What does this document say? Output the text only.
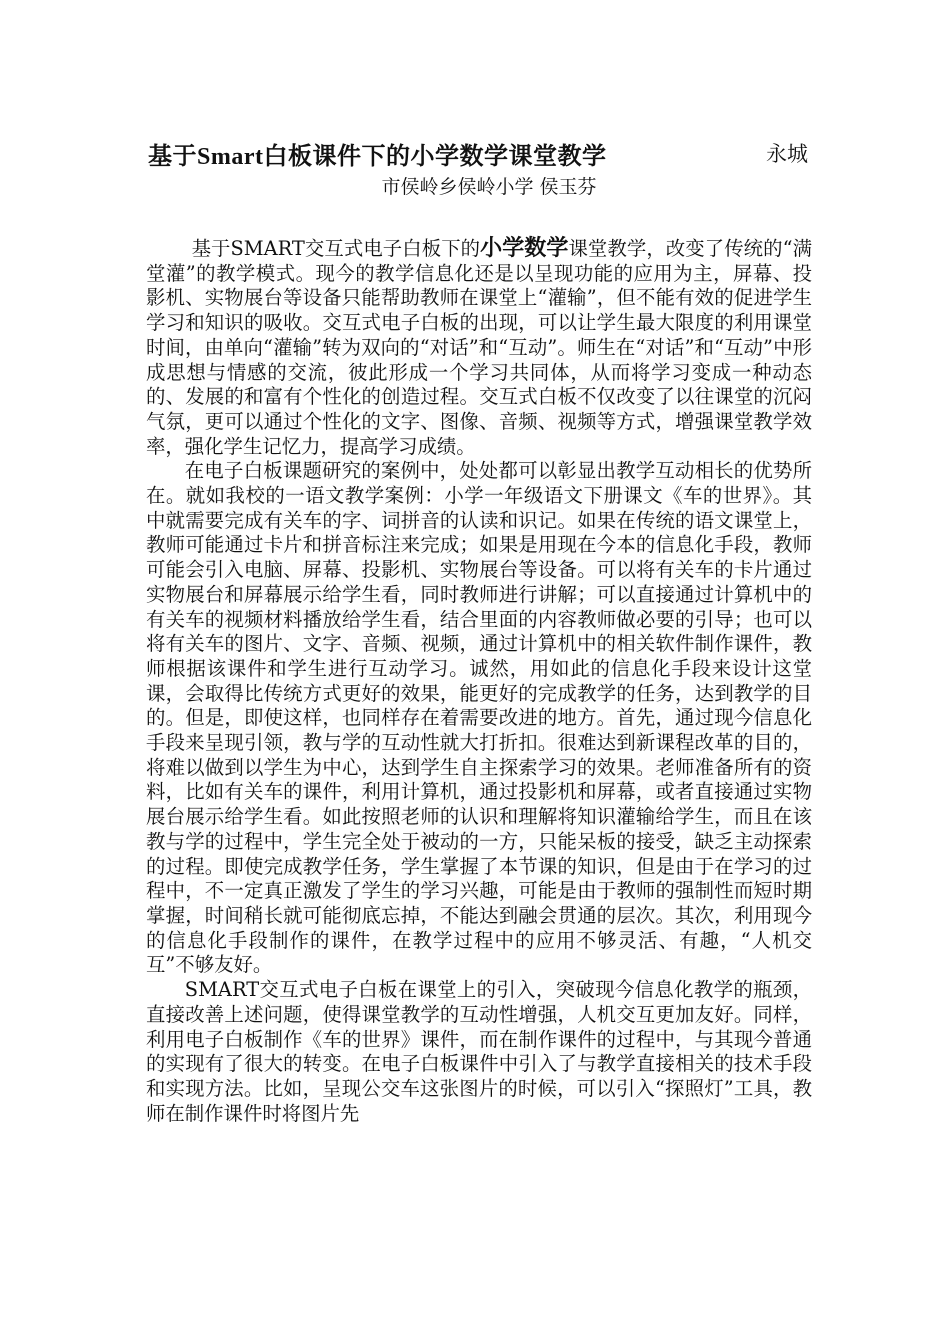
基于Smart白板课件下的小学数学课堂教学	永城
市侯岭乡侯岭小学 侯玉芬

基于SMART交互式电子白板下的小学数学课堂教学，改变了传统的“满堂灌”的教学模式。现今的教学信息化还是以呈现功能的应用为主，屏幕、投影机、实物展台等设备只能帮助教师在课堂上“灌输”，但不能有效的促进学生学习和知识的吸收。交互式电子白板的出现，可以让学生最大限度的利用课堂时间，由单向“灌输”转为双向的“对话”和“互动”。师生在“对话”和“互动”中形成思想与情感的交流，彼此形成一个学习共同体，从而将学习变成一种动态的、发展的和富有个性化的创造过程。交互式白板不仅改变了以往课堂的沉闷气氛，更可以通过个性化的文字、图像、音频、视频等方式，增强课堂教学效率，强化学生记忆力，提高学习成绩。

在电子白板课题研究的案例中，处处都可以彰显出教学互动相长的优势所在。就如我校的一语文教学案例：小学一年级语文下册课文《车的世界》。其中就需要完成有关车的字、词拼音的认读和识记。如果在传统的语文课堂上，教师可能通过卡片和拼音标注来完成；如果是用现在今本的信息化手段，教师可能会引入电脑、屏幕、投影机、实物展台等设备。可以将有关车的卡片通过实物展台和屏幕展示给学生看，同时教师进行讲解；可以直接通过计算机中的有关车的视频材料播放给学生看，结合里面的内容教师做必要的引导；也可以将有关车的图片、文字、音频、视频，通过计算机中的相关软件制作课件，教师根据该课件和学生进行互动学习。诚然，用如此的信息化手段来设计这堂课，会取得比传统方式更好的效果，能更好的完成教学的任务，达到教学的目的。但是，即使这样，也同样存在着需要改进的地方。首先，通过现今信息化手段来呈现引领，教与学的互动性就大打折扣。很难达到新课程改革的目的，将难以做到以学生为中心，达到学生自主探索学习的效果。老师准备所有的资料，比如有关车的课件，利用计算机，通过投影机和屏幕，或者直接通过实物展台展示给学生看。如此按照老师的认识和理解将知识灌输给学生，而且在该教与学的过程中，学生完全处于被动的一方，只能呆板的接受，缺乏主动探索的过程。即使完成教学任务，学生掌握了本节课的知识，但是由于在学习的过程中，不一定真正激发了学生的学习兴趣，可能是由于教师的强制性而短时期掌握，时间稍长就可能彻底忘掉，不能达到融会贯通的层次。其次，利用现今的信息化手段制作的课件，在教学过程中的应用不够灵活、有趣，“人机交互”不够友好。

SMART交互式电子白板在课堂上的引入，突破现今信息化教学的瓶颈，直接改善上述问题，使得课堂教学的互动性增强，人机交互更加友好。同样，利用电子白板制作《车的世界》课件，而在制作课件的过程中，与其现今普通的实现有了很大的转变。在电子白板课件中引入了与教学直接相关的技术手段和实现方法。比如，呈现公交车这张图片的时候，可以引入“探照灯”工具，教师在制作课件时将图片先
